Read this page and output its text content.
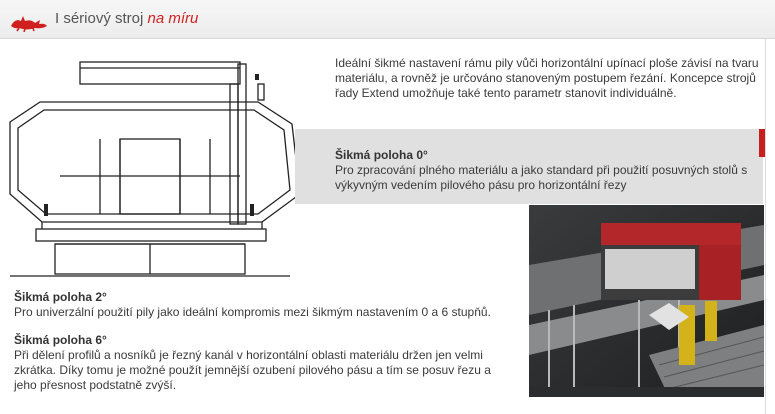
I sériový stroj na míru
Ideální šikmé nastavení rámu pily vůči horizontální upínací ploše závisí na tvaru materiálu, a rovněž je určováno stanoveným postupem řezání. Koncepce strojů řady Extend umožňuje také tento parametr stanovit individuálně.
Šikmá poloha 0°
Pro zpracování plného materiálu a jako standard při použití posuvných stolů s výkyvným vedením pilového pásu pro horizontální řezy
Šikmá poloha 2°
Pro univerzální použití pily jako ideální kompromis mezi šikmým nastavením 0 a 6 stupňů.
Šikmá poloha 6°
Při dělení profilů a nosníků je řezný kanál v horizontální oblasti materiálu držen jen velmi zkrátka. Díky tomu je možné použít jemnější ozubení pilového pásu a tím se posuv řezu a jeho přesnost podstatně zvýší.
